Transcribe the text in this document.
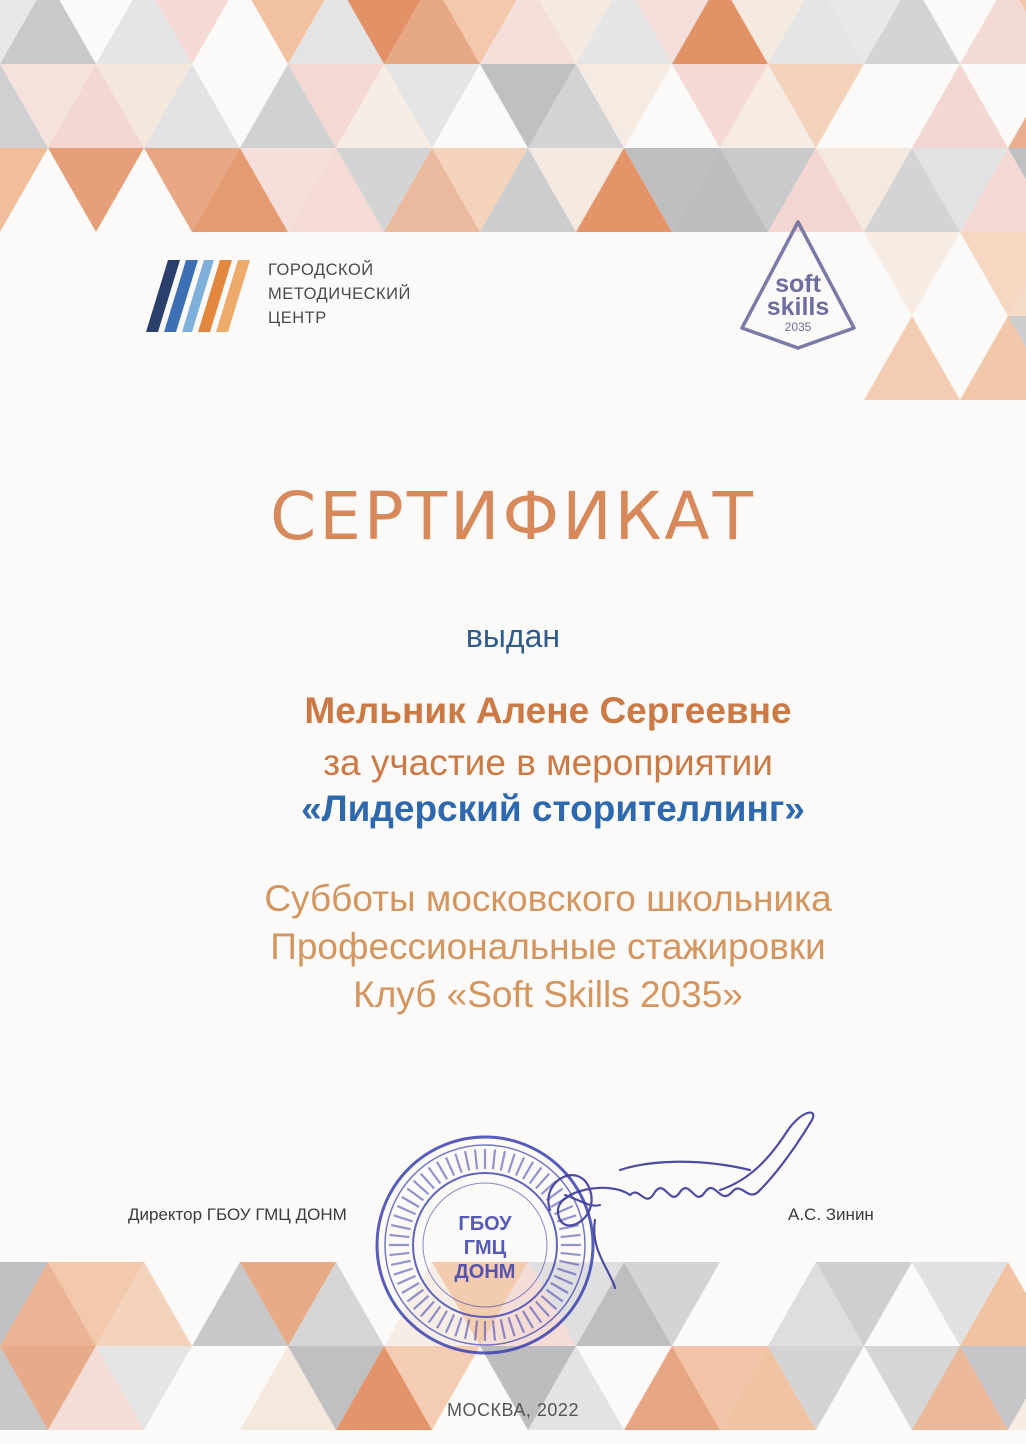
ГОРОДСКОЙ
МЕТОДИЧЕСКИЙ
ЦЕНТР
soft
skills
2035
СЕРТИФИКАТ
выдан
Мельник Алене Сергеевне
за участие в мероприятии
«Лидерский сторителлинг»
Субботы московского школьника
Профессиональные стажировки
Клуб «Soft Skills 2035»
Директор ГБОУ ГМЦ ДОНМ	А.С. Зинин
ГБОУ
ГМЦ
ДОНМ
МОСКВА, 2022
